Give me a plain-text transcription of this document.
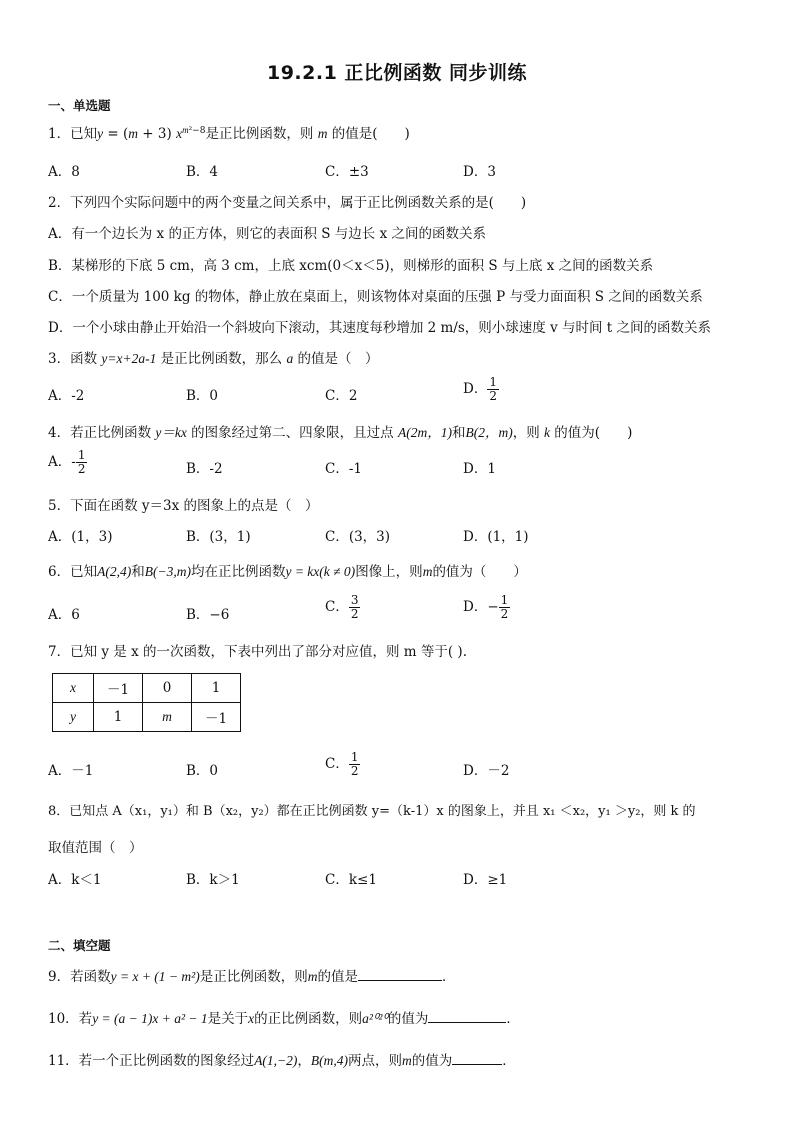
19.2.1 正比例函数 同步训练
一、单选题
1．已知y = (m + 3) $x^{m^2-8}$是正比例函数，则 m 的值是(　　)
A．8	B．4	C．±3	D．3
2．下列四个实际问题中的两个变量之间关系中，属于正比例函数关系的是(　　)
A．有一个边长为 x 的正方体，则它的表面积 S 与边长 x 之间的函数关系
B．某梯形的下底 5 cm，高 3 cm，上底 xcm(0＜x＜5)，则梯形的面积 S 与上底 x 之间的函数关系
C．一个质量为 100 kg 的物体，静止放在桌面上，则该物体对桌面的压强 P 与受力面面积 S 之间的函数关系
D．一个小球由静止开始沿一个斜坡向下滚动，其速度每秒增加 2 m/s，则小球速度 v 与时间 t 之间的函数关系
3．函数 y=x+2a-1 是正比例函数，那么 a 的值是（　）
A．-2	B．0	C．2	D． $\frac{1}{2}$
4．若正比例函数 y＝kx 的图象经过第二、四象限，且过点 A(2m，1)和B(2，m)，则 k 的值为(　　)
A．- $\frac{1}{2}$	B．-2	C．-1	D．1
5．下面在函数 y＝3x 的图象上的点是（　）
A．(1，3)	B．(3，1)	C．(3，3)	D．(1，1)
6．已知A(2,4)和B(−3,m)均在正比例函数y = kx(k ≠ 0)图像上，则m的值为（　　）
A．6	B．−6	C． $\frac{3}{2}$	D．− $\frac{1}{2}$
7．已知 y 是 x 的一次函数，下表中列出了部分对应值，则 m 等于( ).
x	－1	0	1
y	1	m	－1
A．－1	B．0	C． $\frac{1}{2}$	D．－2
8．已知点 A（x₁，y₁）和 B（x₂，y₂）都在正比例函数 y=（k-1）x 的图象上，并且 x₁ ＜x₂，y₁ ＞y₂，则 k 的
取值范围（　）
A．k＜1	B．k＞1	C．k≤1	D．≥1
二、填空题
9．若函数y = x + (1 − m²)是正比例函数，则m的值是	．
10．若y = (a − 1)x + a² − 1是关于x的正比例函数，则a²⁰²⁰的值为	．
11．若一个正比例函数的图象经过A(1,−2)，B(m,4)两点，则m的值为	．
